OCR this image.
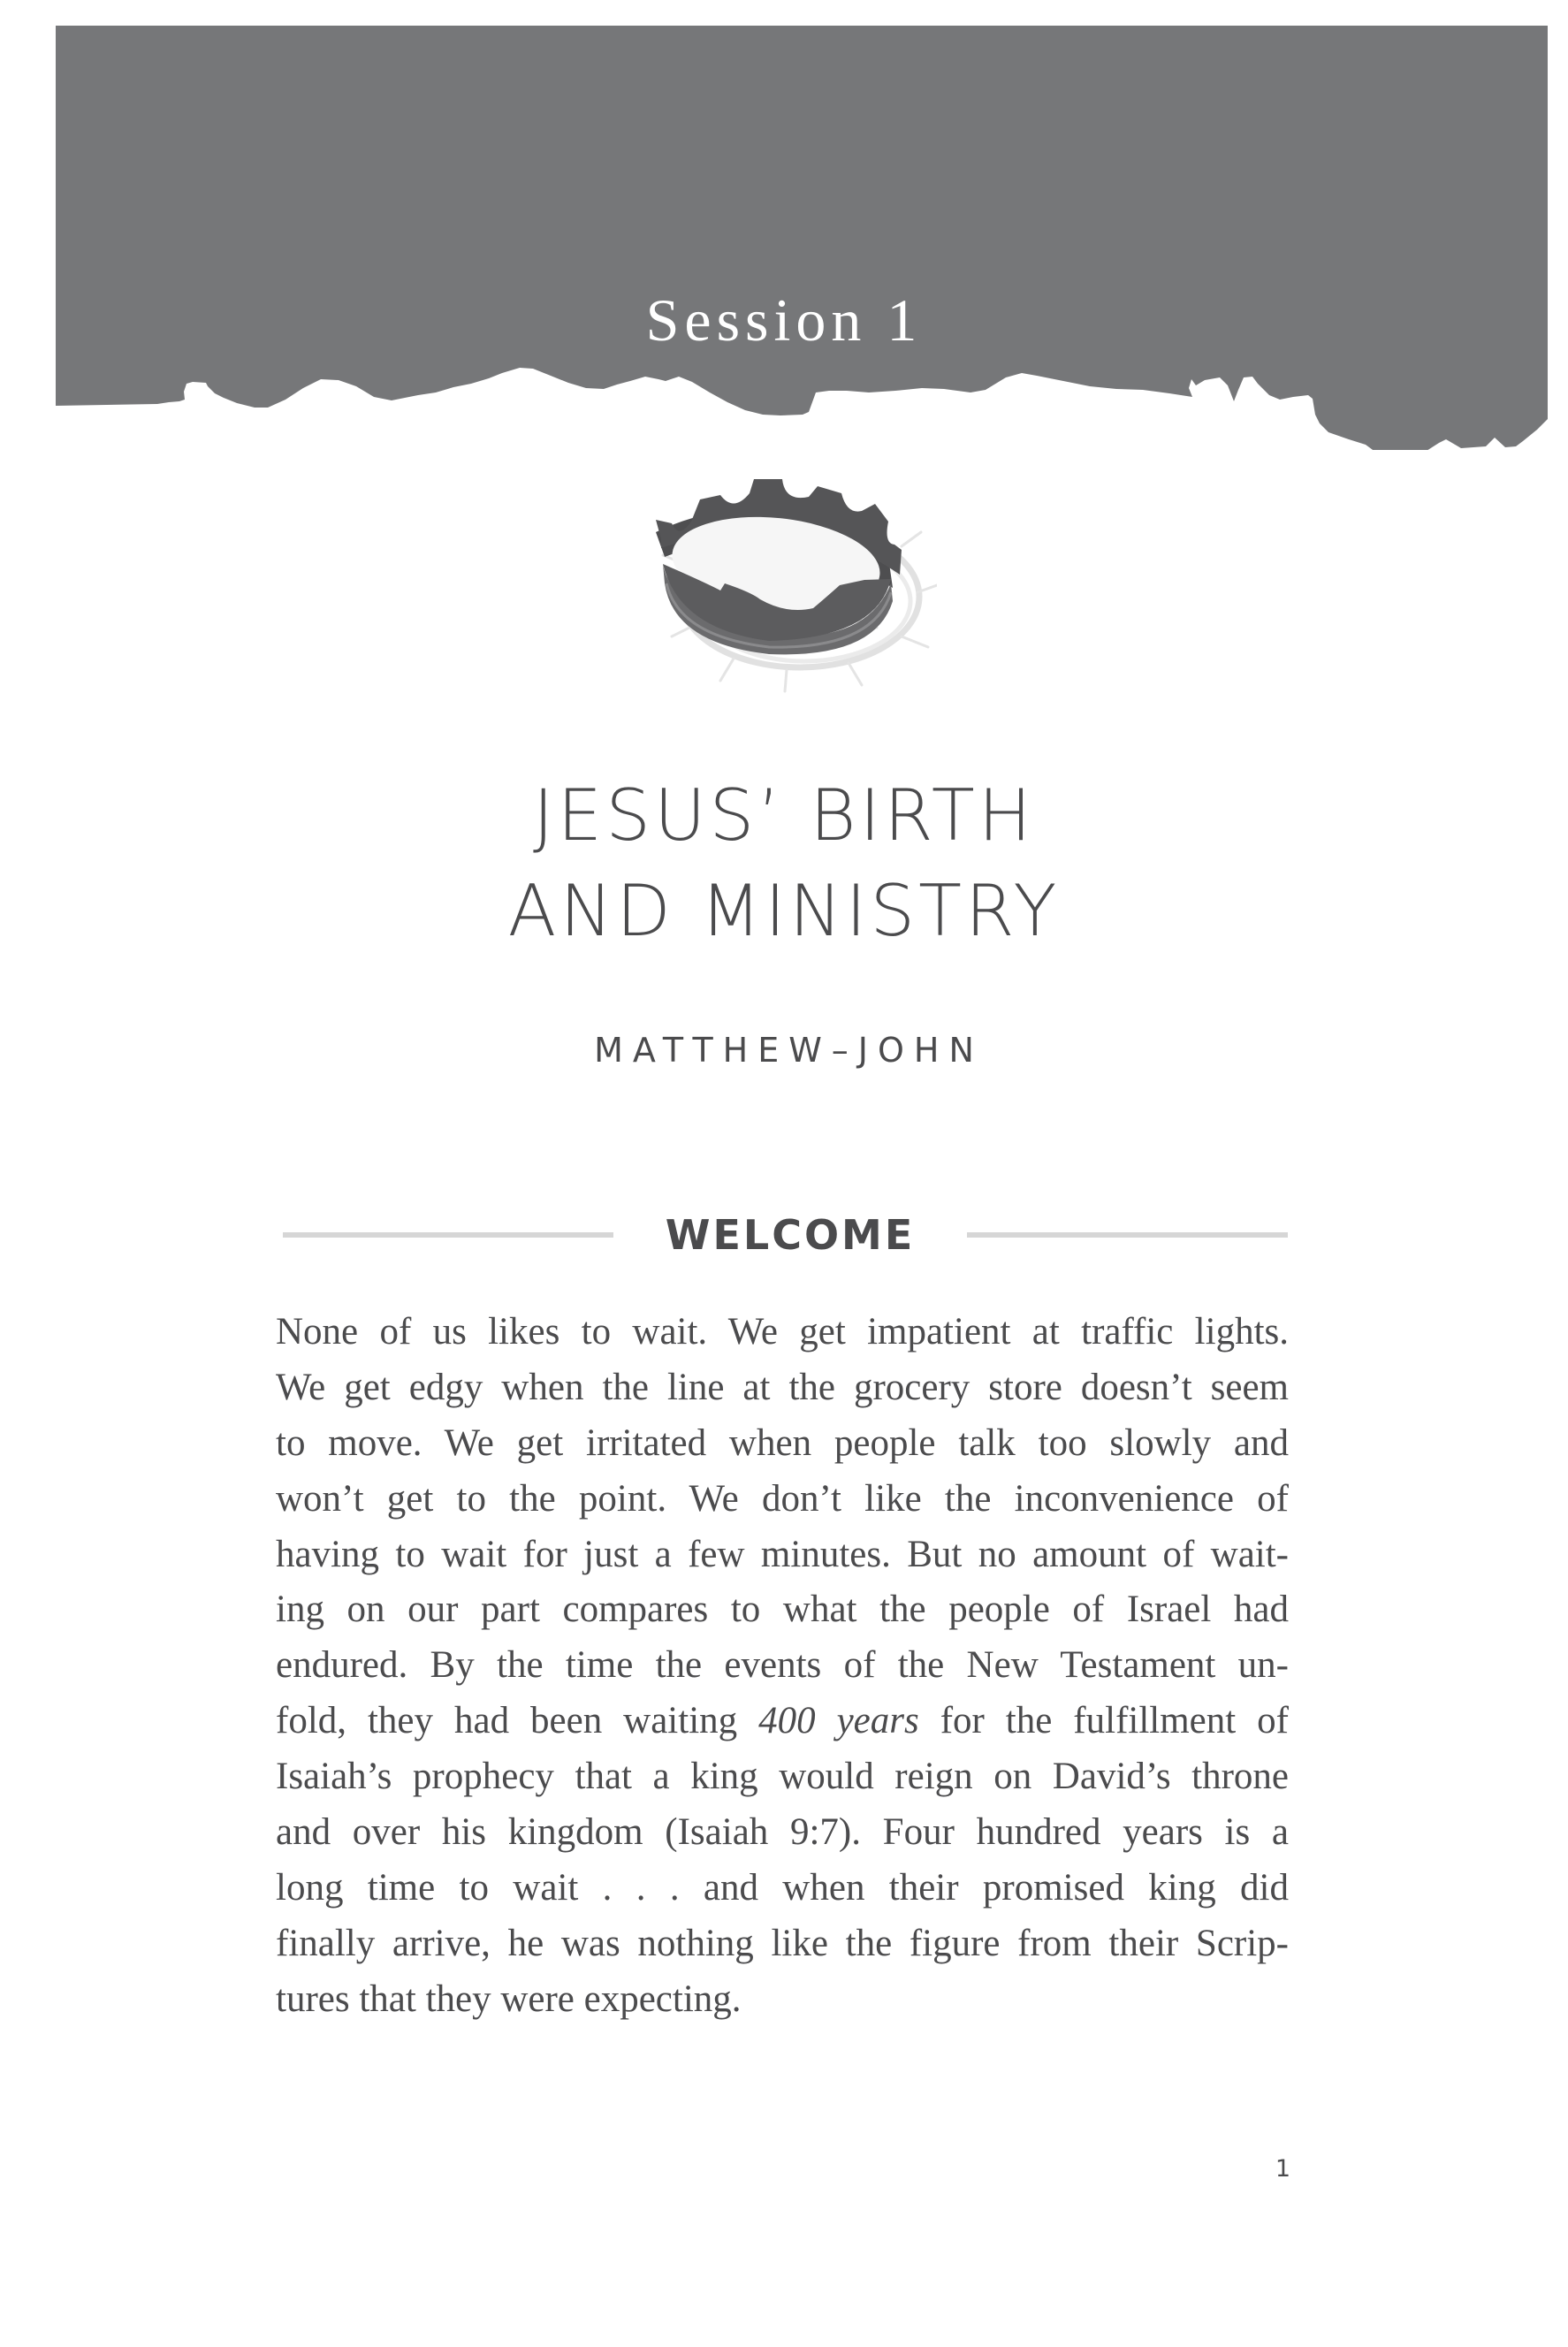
Session 1
JESUS’ BIRTH
AND MINISTRY
MATTHEW–JOHN
WELCOME
None of us likes to wait. We get impatient at traffic lights.
We get edgy when the line at the grocery store doesn’t seem
to move. We get irritated when people talk too slowly and
won’t get to the point. We don’t like the inconvenience of
having to wait for just a few minutes. But no amount of wait-
ing on our part compares to what the people of Israel had
endured. By the time the events of the New Testament un-
fold, they had been waiting 400 years for the fulfillment of
Isaiah’s prophecy that a king would reign on David’s throne
and over his kingdom (Isaiah 9:7). Four hundred years is a
long time to wait . . . and when their promised king did
finally arrive, he was nothing like the figure from their Scrip-
tures that they were expecting.
1
